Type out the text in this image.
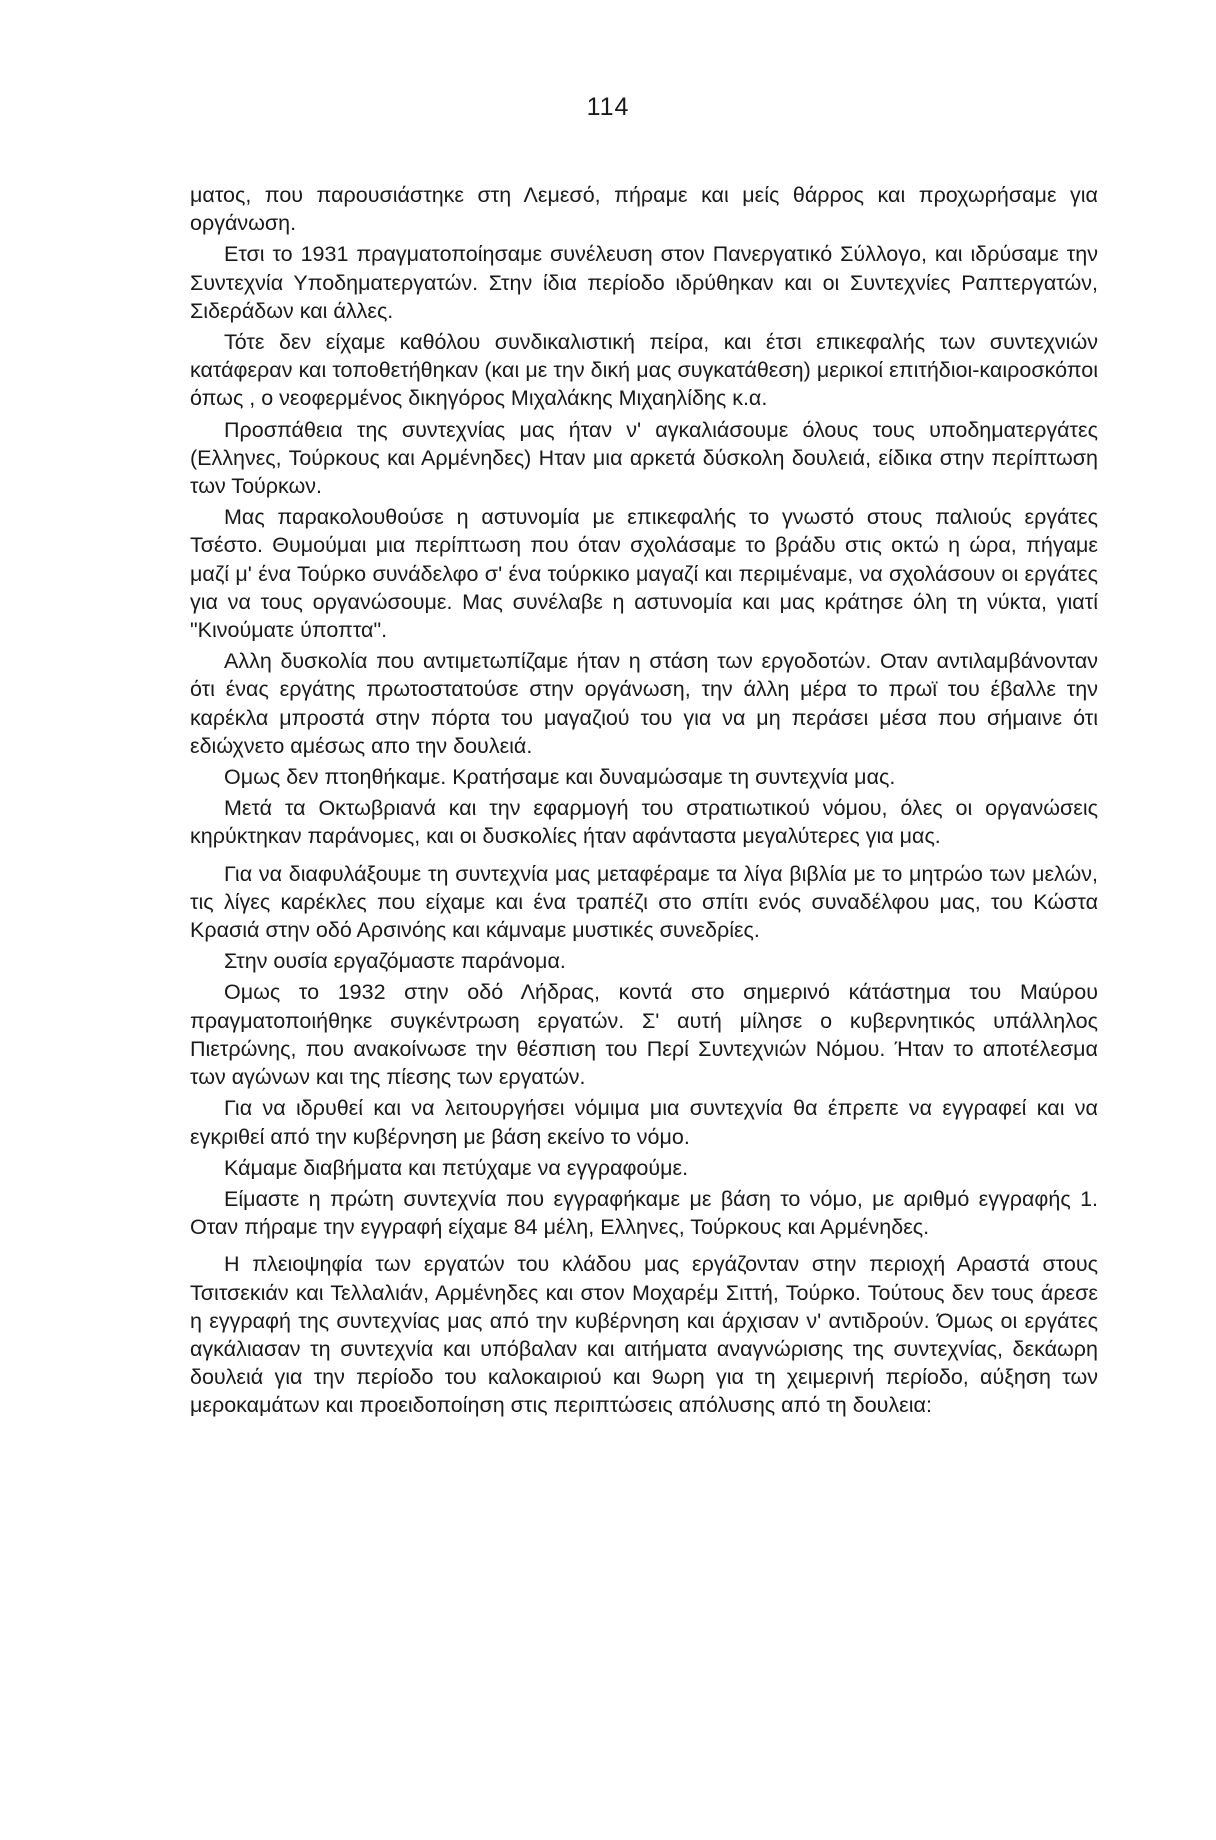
114

ματος, που παρουσιάστηκε στη Λεμεσό, πήραμε και μείς θάρρος και προχωρήσαμε για οργάνωση.

Ετσι το 1931 πραγματοποίησαμε συνέλευση στον Πανεργατικό Σύλλογο, και ιδρύσαμε την Συντεχνία Υποδηματεργατών. Στην ίδια περίοδο ιδρύθηκαν και οι Συντεχνίες Ραπτεργατών, Σιδεράδων και άλλες.

Τότε δεν είχαμε καθόλου συνδικαλιστική πείρα, και έτσι επικεφαλής των συντεχνιών κατάφεραν και τοποθετήθηκαν (και με την δική μας συγκατάθεση) μερικοί επιτήδιοι-καιροσκόποι όπως , ο νεοφερμένος δικηγόρος Μιχαλάκης Μιχαηλίδης κ.α.

Προσπάθεια της συντεχνίας μας ήταν ν' αγκαλιάσουμε όλους τους υποδηματεργάτες (Ελληνες, Τούρκους και Αρμένηδες) Ηταν μια αρκετά δύσκολη δουλειά, είδικα στην περίπτωση των Τούρκων.

Μας παρακολουθούσε η αστυνομία με επικεφαλής το γνωστό στους παλιούς εργάτες Τσέστο. Θυμούμαι μια περίπτωση που όταν σχολάσαμε το βράδυ στις οκτώ η ώρα, πήγαμε μαζί μ' ένα Τούρκο συνάδελφο σ' ένα τούρκικο μαγαζί και περιμέναμε, να σχολάσουν οι εργάτες για να τους οργανώσουμε. Μας συνέλαβε η αστυνομία και μας κράτησε όλη τη νύκτα, γιατί "Κινούματε ύποπτα".

Αλλη δυσκολία που αντιμετωπίζαμε ήταν η στάση των εργοδοτών. Οταν αντιλαμβάνονταν ότι ένας εργάτης πρωτοστατούσε στην οργάνωση, την άλλη μέρα το πρωϊ του έβαλλε την καρέκλα μπροστά στην πόρτα του μαγαζιού του για να μη περάσει μέσα που σήμαινε ότι εδιώχνετο αμέσως απο την δουλειά.

Ομως δεν πτοηθήκαμε. Κρατήσαμε και δυναμώσαμε τη συντεχνία μας.

Μετά τα Οκτωβριανά και την εφαρμογή του στρατιωτικού νόμου, όλες οι οργανώσεις κηρύκτηκαν παράνομες, και οι δυσκολίες ήταν αφάνταστα μεγαλύτερες για μας.

Για να διαφυλάξουμε τη συντεχνία μας μεταφέραμε τα λίγα βιβλία με το μητρώο των μελών, τις λίγες καρέκλες που είχαμε και ένα τραπέζι στο σπίτι ενός συναδέλφου μας, του Κώστα Κρασιά στην οδό Αρσινόης και κάμναμε μυστικές συνεδρίες.

Στην ουσία εργαζόμαστε παράνομα.

Ομως το 1932 στην οδό Λήδρας, κοντά στο σημερινό κάτάστημα του Μαύρου πραγματοποιήθηκε συγκέντρωση εργατών. Σ' αυτή μίλησε ο κυβερνητικός υπάλληλος Πιετρώνης, που ανακοίνωσε την θέσπιση του Περί Συντεχνιών Νόμου. Ήταν το αποτέλεσμα των αγώνων και της πίεσης των εργατών.

Για να ιδρυθεί και να λειτουργήσει νόμιμα μια συντεχνία θα έπρεπε να εγγραφεί και να εγκριθεί από την κυβέρνηση με βάση εκείνο το νόμο.

Κάμαμε διαβήματα και πετύχαμε να εγγραφούμε.

Είμαστε η πρώτη συντεχνία που εγγραφήκαμε με βάση το νόμο, με αριθμό εγγραφής 1. Οταν πήραμε την εγγραφή είχαμε 84 μέλη, Ελληνες, Τούρκους και Αρμένηδες.

Η πλειοψηφία των εργατών του κλάδου μας εργάζονταν στην περιοχή Αραστά στους Τσιτσεκιάν και Τελλαλιάν, Αρμένηδες και στον Μοχαρέμ Σιττή, Τούρκο. Τούτους δεν τους άρεσε η εγγραφή της συντεχνίας μας από την κυβέρνηση και άρχισαν ν' αντιδρούν. Όμως οι εργάτες αγκάλιασαν τη συντεχνία και υπόβαλαν και αιτήματα αναγνώρισης της συντεχνίας, δεκάωρη δουλειά για την περίοδο του καλοκαιριού και 9ωρη για τη χειμερινή περίοδο, αύξηση των μεροκαμάτων και προειδοποίηση στις περιπτώσεις απόλυσης από τη δουλεια:
